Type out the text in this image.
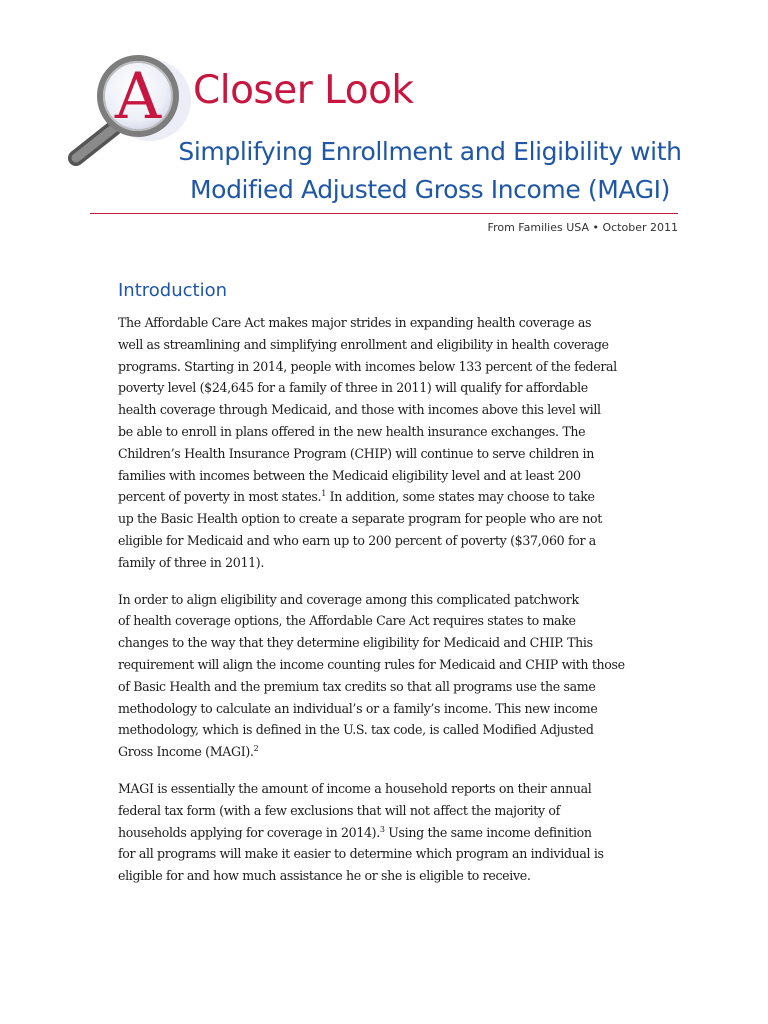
A Closer Look
Simplifying Enrollment and Eligibility with
Modified Adjusted Gross Income (MAGI)
From Families USA • October 2011
Introduction

The Affordable Care Act makes major strides in expanding health coverage as
well as streamlining and simplifying enrollment and eligibility in health coverage
programs. Starting in 2014, people with incomes below 133 percent of the federal
poverty level ($24,645 for a family of three in 2011) will qualify for affordable
health coverage through Medicaid, and those with incomes above this level will
be able to enroll in plans offered in the new health insurance exchanges. The
Children’s Health Insurance Program (CHIP) will continue to serve children in
families with incomes between the Medicaid eligibility level and at least 200
percent of poverty in most states.$^1$ In addition, some states may choose to take
up the Basic Health option to create a separate program for people who are not
eligible for Medicaid and who earn up to 200 percent of poverty ($37,060 for a
family of three in 2011).

In order to align eligibility and coverage among this complicated patchwork
of health coverage options, the Affordable Care Act requires states to make
changes to the way that they determine eligibility for Medicaid and CHIP. This
requirement will align the income counting rules for Medicaid and CHIP with those
of Basic Health and the premium tax credits so that all programs use the same
methodology to calculate an individual’s or a family’s income. This new income
methodology, which is defined in the U.S. tax code, is called Modified Adjusted
Gross Income (MAGI).$^2$

MAGI is essentially the amount of income a household reports on their annual
federal tax form (with a few exclusions that will not affect the majority of
households applying for coverage in 2014).$^3$ Using the same income definition
for all programs will make it easier to determine which program an individual is
eligible for and how much assistance he or she is eligible to receive.
